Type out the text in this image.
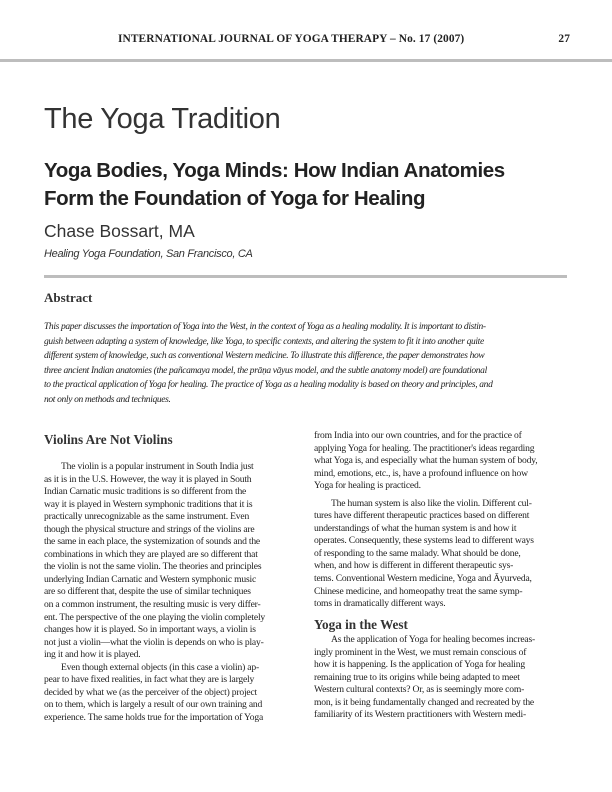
INTERNATIONAL JOURNAL OF YOGA THERAPY – No. 17 (2007)	27
The Yoga Tradition
Yoga Bodies, Yoga Minds: How Indian Anatomies
Form the Foundation of Yoga for Healing
Chase Bossart, MA
Healing Yoga Foundation, San Francisco, CA
Abstract
This paper discusses the importation of Yoga into the West, in the context of Yoga as a healing modality. It is important to distin-
guish between adapting a system of knowledge, like Yoga, to specific contexts, and altering the system to fit it into another quite
different system of knowledge, such as conventional Western medicine. To illustrate this difference, the paper demonstrates how
three ancient Indian anatomies (the pañcamaya model, the prāṇa vāyus model, and the subtle anatomy model) are foundational
to the practical application of Yoga for healing. The practice of Yoga as a healing modality is based on theory and principles, and
not only on methods and techniques.
Violins Are Not Violins
The violin is a popular instrument in South India just
as it is in the U.S. However, the way it is played in South
Indian Carnatic music traditions is so different from the
way it is played in Western symphonic traditions that it is
practically unrecognizable as the same instrument. Even
though the physical structure and strings of the violins are
the same in each place, the systemization of sounds and the
combinations in which they are played are so different that
the violin is not the same violin. The theories and principles
underlying Indian Carnatic and Western symphonic music
are so different that, despite the use of similar techniques
on a common instrument, the resulting music is very differ-
ent. The perspective of the one playing the violin completely
changes how it is played. So in important ways, a violin is
not just a violin—what the violin is depends on who is play-
ing it and how it is played.
Even though external objects (in this case a violin) ap-
pear to have fixed realities, in fact what they are is largely
decided by what we (as the perceiver of the object) project
on to them, which is largely a result of our own training and
experience. The same holds true for the importation of Yoga
from India into our own countries, and for the practice of
applying Yoga for healing. The practitioner's ideas regarding
what Yoga is, and especially what the human system of body,
mind, emotions, etc., is, have a profound influence on how
Yoga for healing is practiced.
The human system is also like the violin. Different cul-
tures have different therapeutic practices based on different
understandings of what the human system is and how it
operates. Consequently, these systems lead to different ways
of responding to the same malady. What should be done,
when, and how is different in different therapeutic sys-
tems. Conventional Western medicine, Yoga and Āyurveda,
Chinese medicine, and homeopathy treat the same symp-
toms in dramatically different ways.
Yoga in the West
As the application of Yoga for healing becomes increas-
ingly prominent in the West, we must remain conscious of
how it is happening. Is the application of Yoga for healing
remaining true to its origins while being adapted to meet
Western cultural contexts? Or, as is seemingly more com-
mon, is it being fundamentally changed and recreated by the
familiarity of its Western practitioners with Western medi-
